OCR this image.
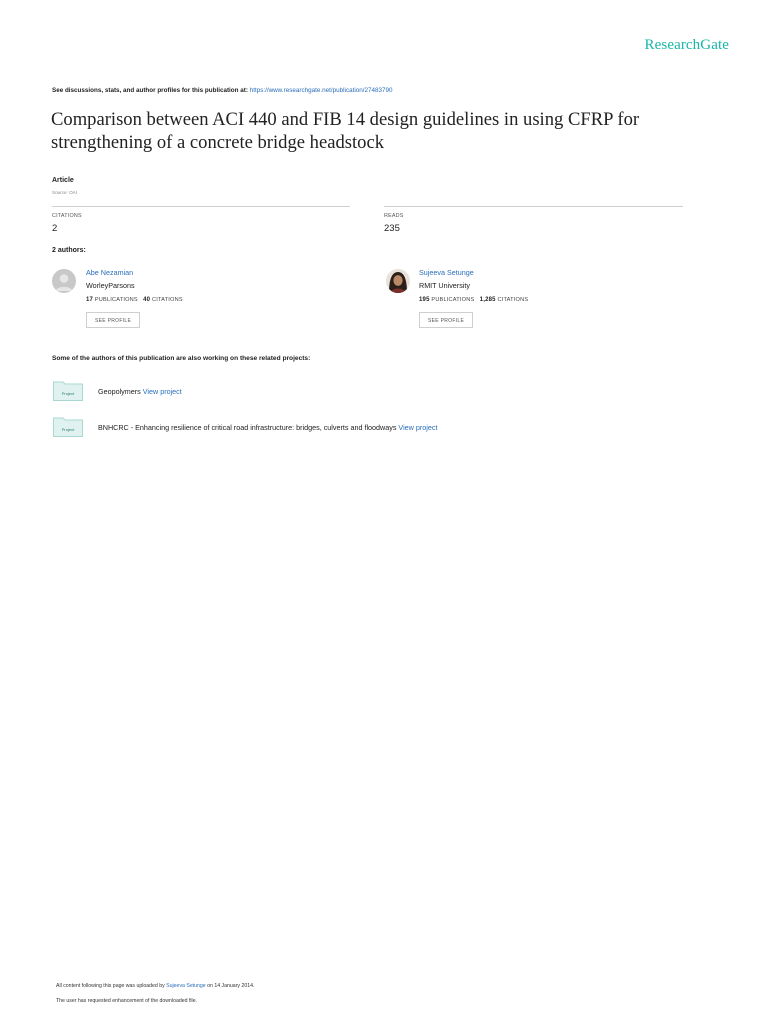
ResearchGate
See discussions, stats, and author profiles for this publication at: https://www.researchgate.net/publication/27483790
Comparison between ACI 440 and FIB 14 design guidelines in using CFRP for strengthening of a concrete bridge headstock
Article
Source: OAI
CITATIONS
2
READS
235
2 authors:
Abe Nezamian
WorleyParsons
17 PUBLICATIONS 40 CITATIONS
SEE PROFILE
Sujeeva Setunge
RMIT University
195 PUBLICATIONS 1,285 CITATIONS
SEE PROFILE
Some of the authors of this publication are also working on these related projects:
Project	Geopolymers View project
Project	BNHCRC - Enhancing resilience of critical road infrastructure: bridges, culverts and floodways View project
All content following this page was uploaded by Sujeeva Setunge on 14 January 2014.
The user has requested enhancement of the downloaded file.
